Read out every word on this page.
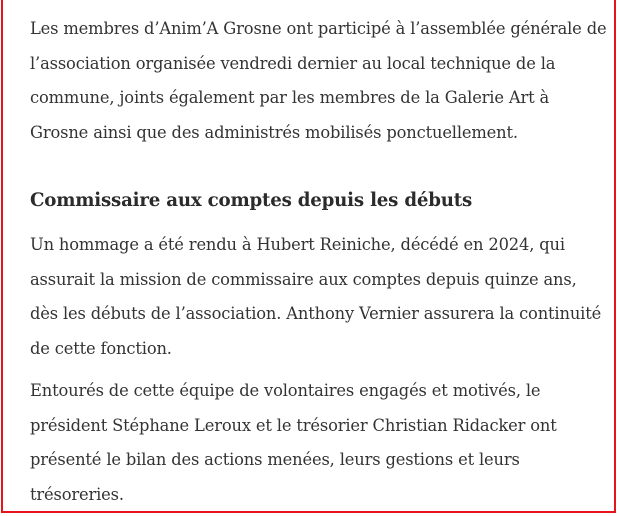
Les membres d’Anim’A Grosne ont participé à l’assemblée générale de l’association organisée vendredi dernier au local technique de la commune, joints également par les membres de la Galerie Art à Grosne ainsi que des administrés mobilisés ponctuellement.

Commissaire aux comptes depuis les débuts

Un hommage a été rendu à Hubert Reiniche, décédé en 2024, qui assurait la mission de commissaire aux comptes depuis quinze ans, dès les débuts de l’association. Anthony Vernier assurera la continuité de cette fonction.

Entourés de cette équipe de volontaires engagés et motivés, le président Stéphane Leroux et le trésorier Christian Ridacker ont présenté le bilan des actions menées, leurs gestions et leurs trésoreries.
